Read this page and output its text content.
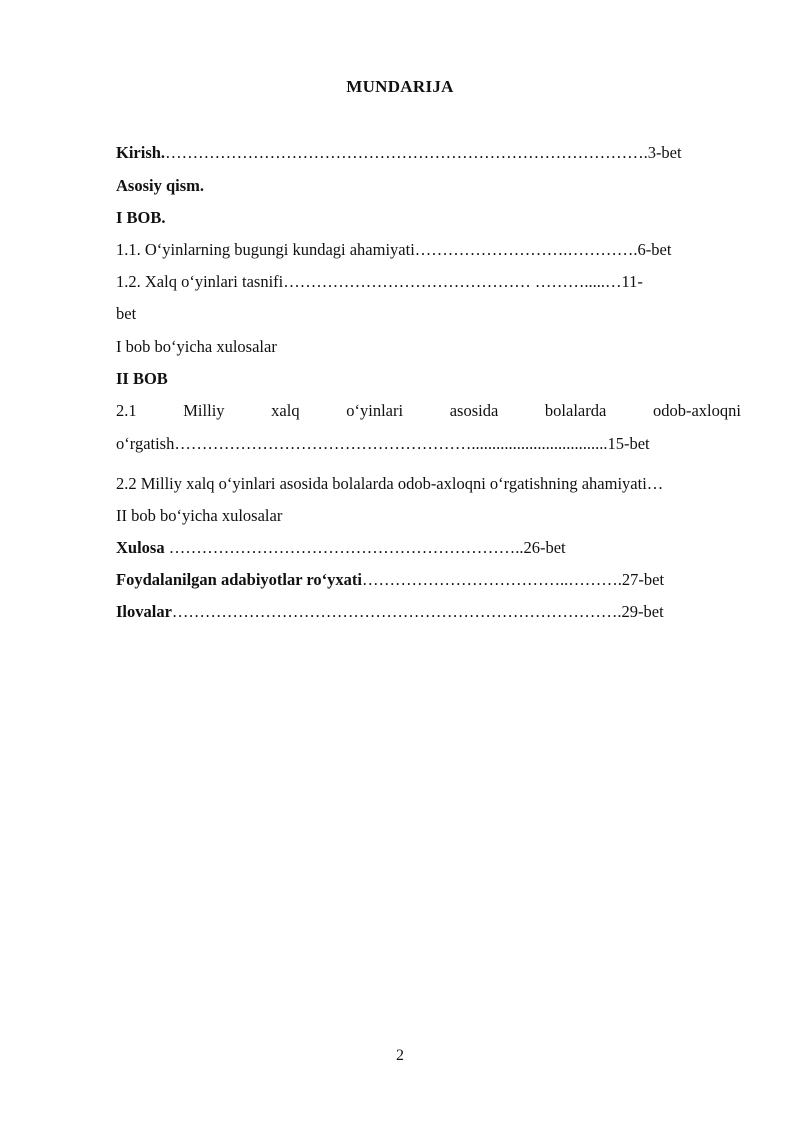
MUNDARIJA
Kirish.…………………………………………………………………………….3-bet
Asosiy qism.
I BOB.
1.1. O‘yinlarning bugungi kundagi ahamiyati……………………….………….6-bet
1.2. Xalq o‘yinlari tasnifi……………………………………… ……….....…11-
bet
I bob bo‘yicha xulosalar
II BOB
2.1	Milliy	xalq	o‘yinlari	asosida	bolalarda	odob-axloqni
o‘rgatish……………………………………………….................................15-bet
2.2 Milliy xalq o‘yinlari asosida bolalarda odob-axloqni o‘rgatishning ahamiyati…
II bob bo‘yicha xulosalar
Xulosa ………………………………………………………..26-bet
Foydalanilgan adabiyotlar ro‘yxati………………………………..……….27-bet
Ilovalar……………………………………………………………………….29-bet
2
